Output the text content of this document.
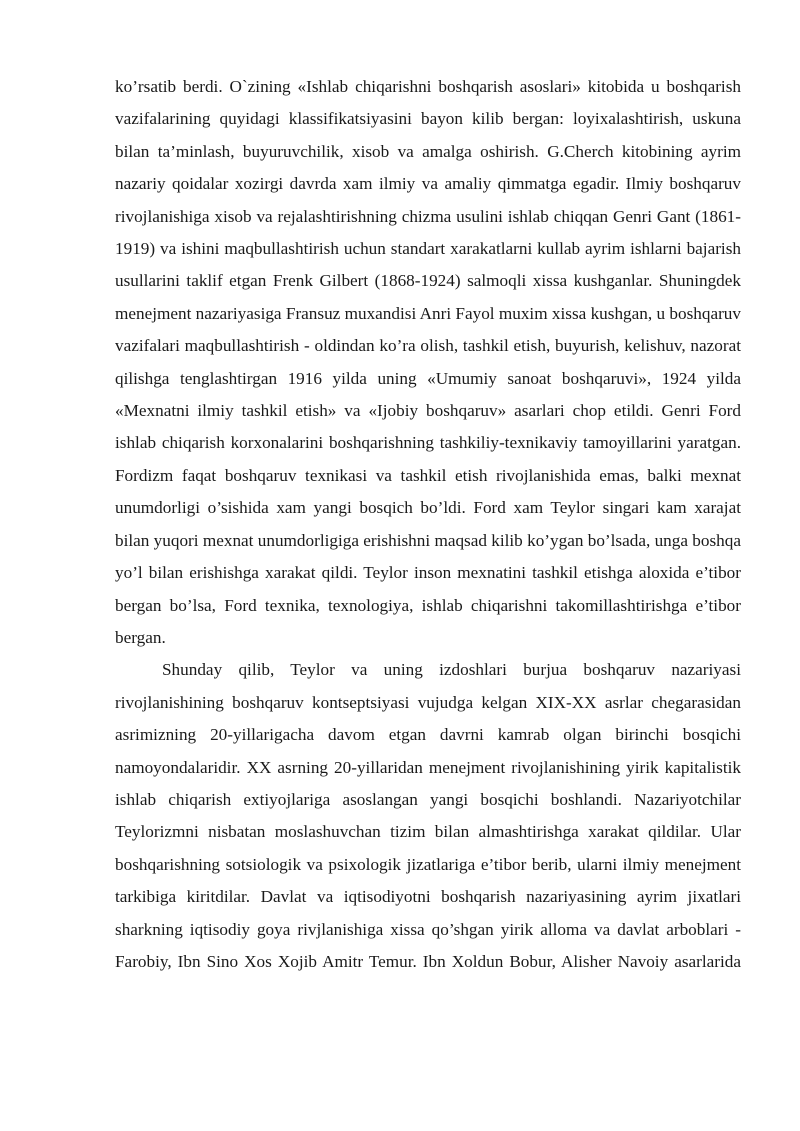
ko’rsatib berdi. O`zining «Ishlab chiqarishni boshqarish asoslari» kitobida u boshqarish vazifalarining quyidagi klassifikatsiyasini bayon kilib bergan: loyixalashtirish, uskuna bilan ta’minlash, buyuruvchilik, xisob va amalga oshirish. G.Cherch kitobining ayrim nazariy qoidalar xozirgi davrda xam ilmiy va amaliy qimmatga egadir. Ilmiy boshqaruv rivojlanishiga xisob va rejalashtirishning chizma usulini ishlab chiqqan Genri Gant (1861-1919) va ishini maqbullashtirish uchun standart xarakatlarni kullab ayrim ishlarni bajarish usullarini taklif etgan Frenk Gilbert (1868-1924) salmoqli xissa kushganlar. Shuningdek menejment nazariyasiga Fransuz muxandisi Anri Fayol muxim xissa kushgan, u boshqaruv vazifalari maqbullashtirish - oldindan ko’ra olish, tashkil etish, buyurish, kelishuv, nazorat qilishga tenglashtirgan 1916 yilda uning «Umumiy sanoat boshqaruvi», 1924 yilda «Mexnatni ilmiy tashkil etish» va «Ijobiy boshqaruv» asarlari chop etildi. Genri Ford ishlab chiqarish korxonalarini boshqarishning tashkiliy-texnikaviy tamoyillarini yaratgan. Fordizm faqat boshqaruv texnikasi va tashkil etish rivojlanishida emas, balki mexnat unumdorligi o’sishida xam yangi bosqich bo’ldi. Ford xam Teylor singari kam xarajat bilan yuqori mexnat unumdorligiga erishishni maqsad kilib ko’ygan bo’lsada, unga boshqa yo’l bilan erishishga xarakat qildi. Teylor inson mexnatini tashkil etishga aloxida e’tibor bergan bo’lsa, Ford texnika, texnologiya, ishlab chiqarishni takomillashtirishga e’tibor bergan.

Shunday qilib, Teylor va uning izdoshlari burjua boshqaruv nazariyasi rivojlanishining boshqaruv kontseptsiyasi vujudga kelgan XIX-XX asrlar chegarasidan asrimizning 20-yillarigacha davom etgan davrni kamrab olgan birinchi bosqichi namoyondalaridir. XX asrning 20-yillaridan menejment rivojlanishining yirik kapitalistik ishlab chiqarish extiyojlariga asoslangan yangi bosqichi boshlandi. Nazariyotchilar Teylorizmni nisbatan moslashuvchan tizim bilan almashtirishga xarakat qildilar. Ular boshqarishning sotsiologik va psixologik jizatlariga e’tibor berib, ularni ilmiy menejment tarkibiga kiritdilar. Davlat va iqtisodiyotni boshqarish nazariyasining ayrim jixatlari sharkning iqtisodiy goya rivjlanishiga xissa qo’shgan yirik alloma va davlat arboblari - Farobiy, Ibn Sino Xos Xojib Amitr Temur. Ibn Xoldun Bobur, Alisher Navoiy asarlarida
